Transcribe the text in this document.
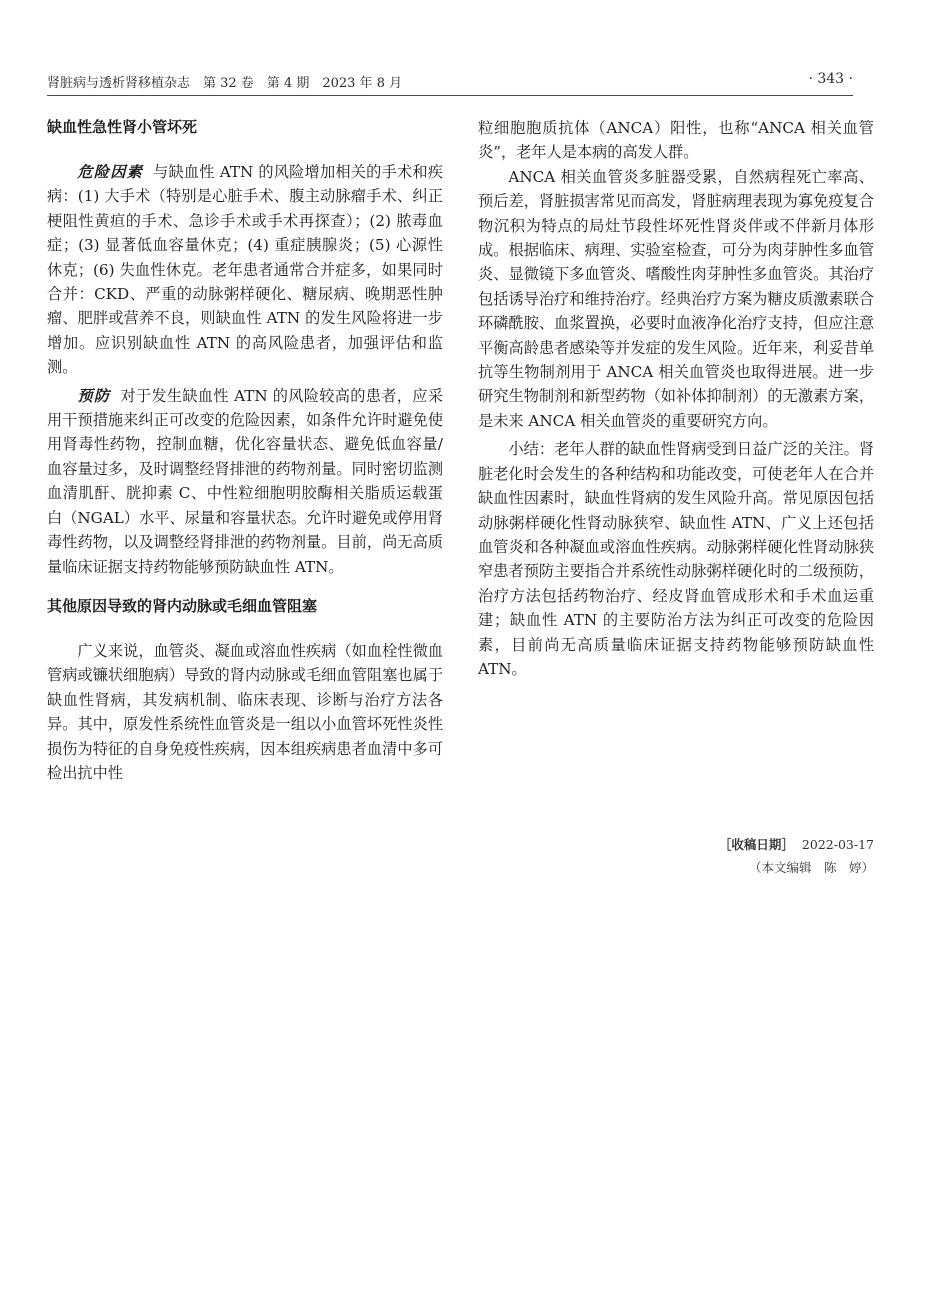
肾脏病与透析肾移植杂志　第 32 卷　第 4 期　2023 年 8 月	· 343 ·
缺血性急性肾小管坏死

危险因素 与缺血性 ATN 的风险增加相关的手术和疾病：(1) 大手术（特别是心脏手术、腹主动脉瘤手术、纠正梗阻性黄疸的手术、急诊手术或手术再探查）；(2) 脓毒血症；(3) 显著低血容量休克；(4) 重症胰腺炎；(5) 心源性休克；(6) 失血性休克。老年患者通常合并症多，如果同时合并：CKD、严重的动脉粥样硬化、糖尿病、晚期恶性肿瘤、肥胖或营养不良，则缺血性 ATN 的发生风险将进一步增加。应识别缺血性 ATN 的高风险患者，加强评估和监测。

预防 对于发生缺血性 ATN 的风险较高的患者，应采用干预措施来纠正可改变的危险因素，如条件允许时避免使用肾毒性药物，控制血糖，优化容量状态、避免低血容量/血容量过多，及时调整经肾排泄的药物剂量。同时密切监测血清肌酐、胱抑素 C、中性粒细胞明胶酶相关脂质运载蛋白（NGAL）水平、尿量和容量状态。允许时避免或停用肾毒性药物，以及调整经肾排泄的药物剂量。目前，尚无高质量临床证据支持药物能够预防缺血性 ATN。

其他原因导致的肾内动脉或毛细血管阻塞

广义来说，血管炎、凝血或溶血性疾病（如血栓性微血管病或镰状细胞病）导致的肾内动脉或毛细血管阻塞也属于缺血性肾病，其发病机制、临床表现、诊断与治疗方法各异。其中，原发性系统性血管炎是一组以小血管坏死性炎性损伤为特征的自身免疫性疾病，因本组疾病患者血清中多可检出抗中性

粒细胞胞质抗体（ANCA）阳性，也称“ANCA 相关血管炎”，老年人是本病的高发人群。

ANCA 相关血管炎多脏器受累，自然病程死亡率高、预后差，肾脏损害常见而高发，肾脏病理表现为寡免疫复合物沉积为特点的局灶节段性坏死性肾炎伴或不伴新月体形成。根据临床、病理、实验室检查，可分为肉芽肿性多血管炎、显微镜下多血管炎、嗜酸性肉芽肿性多血管炎。其治疗包括诱导治疗和维持治疗。经典治疗方案为糖皮质激素联合环磷酰胺、血浆置换，必要时血液净化治疗支持，但应注意平衡高龄患者感染等并发症的发生风险。近年来，利妥昔单抗等生物制剂用于 ANCA 相关血管炎也取得进展。进一步研究生物制剂和新型药物（如补体抑制剂）的无激素方案，是未来 ANCA 相关血管炎的重要研究方向。

小结：老年人群的缺血性肾病受到日益广泛的关注。肾脏老化时会发生的各种结构和功能改变，可使老年人在合并缺血性因素时，缺血性肾病的发生风险升高。常见原因包括动脉粥样硬化性肾动脉狭窄、缺血性 ATN、广义上还包括血管炎和各种凝血或溶血性疾病。动脉粥样硬化性肾动脉狭窄患者预防主要指合并系统性动脉粥样硬化时的二级预防，治疗方法包括药物治疗、经皮肾血管成形术和手术血运重建；缺血性 ATN 的主要防治方法为纠正可改变的危险因素，目前尚无高质量临床证据支持药物能够预防缺血性 ATN。

［收稿日期］ 2022-03-17
（本文编辑　陈　婷）
